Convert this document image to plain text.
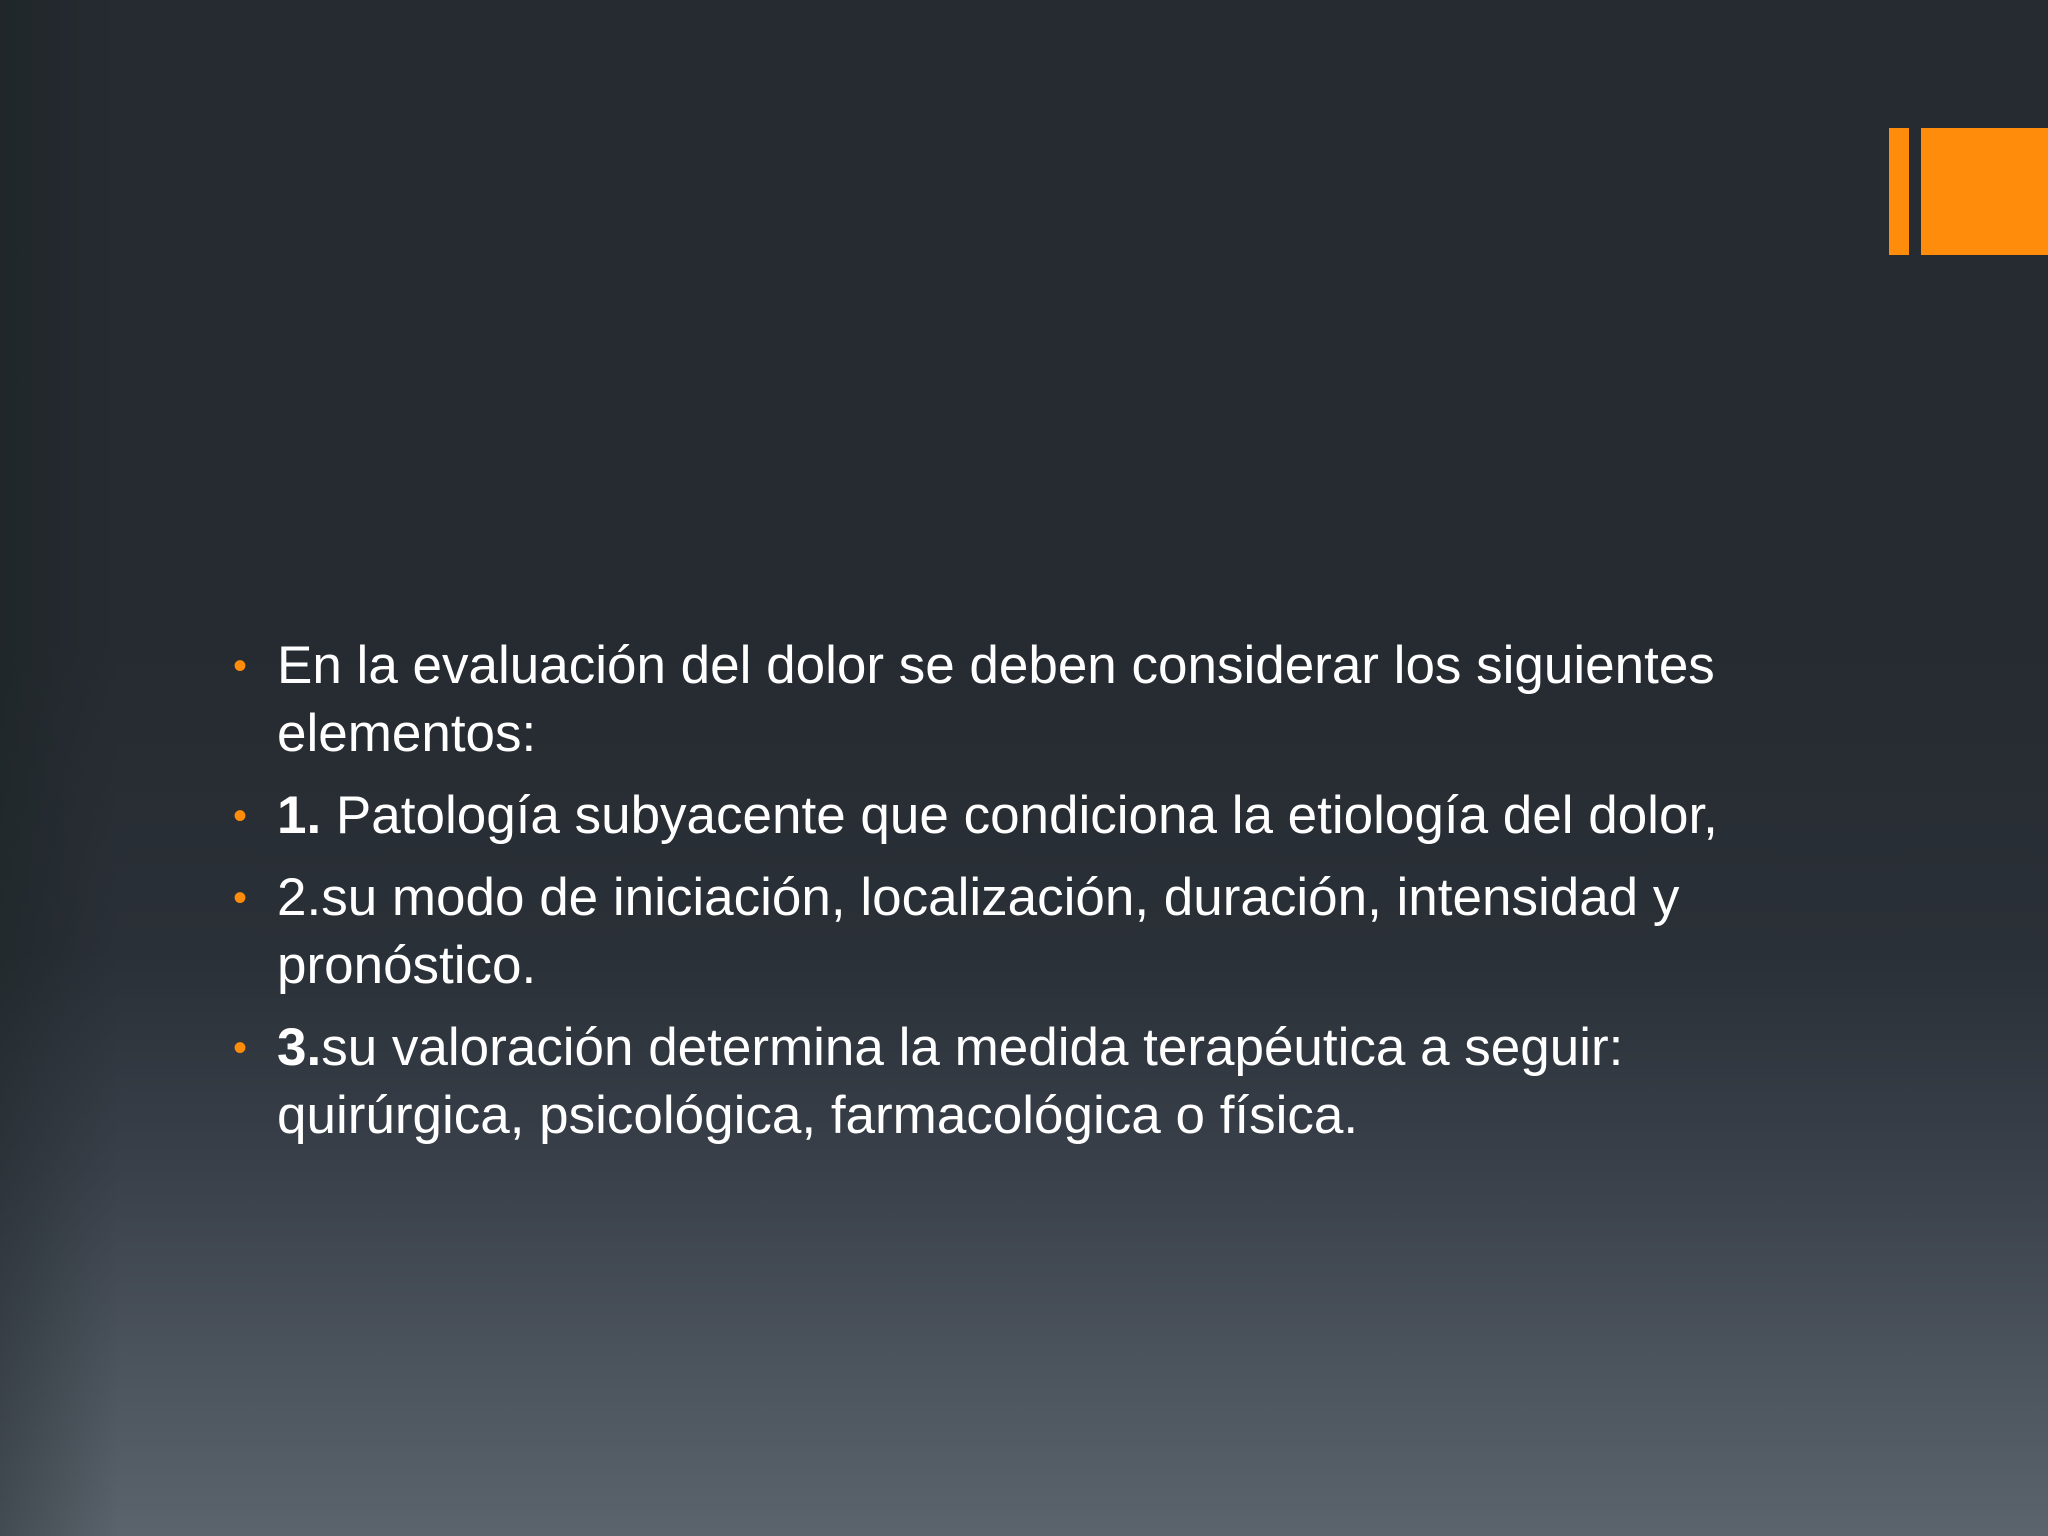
• En la evaluación del dolor se deben considerar los siguientes elementos:
• 1. Patología subyacente que condiciona la etiología del dolor,
• 2.su modo de iniciación, localización, duración, intensidad y pronóstico.
• 3.su valoración determina la medida terapéutica a seguir: quirúrgica, psicológica, farmacológica o física.
